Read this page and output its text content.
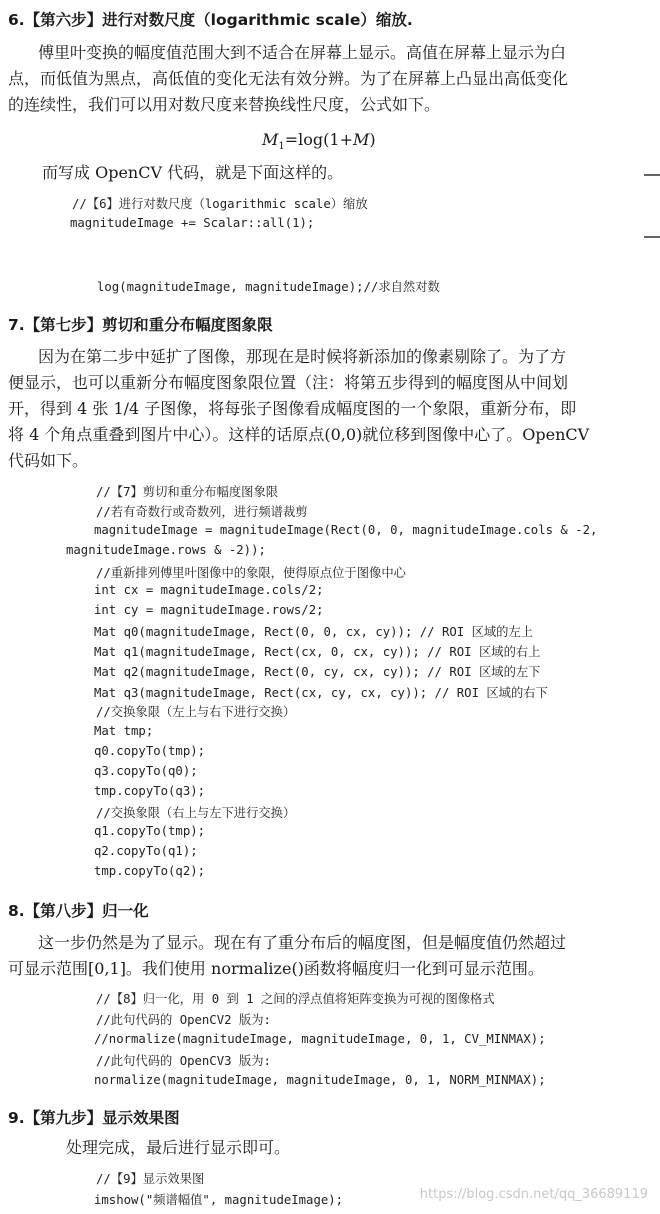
6.【第六步】进行对数尺度（logarithmic scale）缩放.
傅里叶变换的幅度值范围大到不适合在屏幕上显示。高值在屏幕上显示为白
点，而低值为黑点，高低值的变化无法有效分辨。为了在屏幕上凸显出高低变化
的连续性，我们可以用对数尺度来替换线性尺度，公式如下。
$M_1=\log(1+M)$
而写成 OpenCV 代码，就是下面这样的。
//【6】进行对数尺度（logarithmic scale）缩放
magnitudeImage += Scalar::all(1);
log(magnitudeImage, magnitudeImage);//求自然对数
7.【第七步】剪切和重分布幅度图象限
因为在第二步中延扩了图像，那现在是时候将新添加的像素剔除了。为了方
便显示，也可以重新分布幅度图象限位置（注：将第五步得到的幅度图从中间划
开，得到 4 张 1/4 子图像，将每张子图像看成幅度图的一个象限，重新分布，即
将 4 个角点重叠到图片中心）。这样的话原点(0,0)就位移到图像中心了。OpenCV
代码如下。
//【7】剪切和重分布幅度图象限
//若有奇数行或奇数列，进行频谱裁剪
magnitudeImage = magnitudeImage(Rect(0, 0, magnitudeImage.cols & -2,
magnitudeImage.rows & -2));
//重新排列傅里叶图像中的象限，使得原点位于图像中心
int cx = magnitudeImage.cols/2;
int cy = magnitudeImage.rows/2;
Mat q0(magnitudeImage, Rect(0, 0, cx, cy)); // ROI 区域的左上
Mat q1(magnitudeImage, Rect(cx, 0, cx, cy)); // ROI 区域的右上
Mat q2(magnitudeImage, Rect(0, cy, cx, cy)); // ROI 区域的左下
Mat q3(magnitudeImage, Rect(cx, cy, cx, cy)); // ROI 区域的右下
//交换象限（左上与右下进行交换）
Mat tmp;
q0.copyTo(tmp);
q3.copyTo(q0);
tmp.copyTo(q3);
//交换象限（右上与左下进行交换）
q1.copyTo(tmp);
q2.copyTo(q1);
tmp.copyTo(q2);
8.【第八步】归一化
这一步仍然是为了显示。现在有了重分布后的幅度图，但是幅度值仍然超过
可显示范围[0,1]。我们使用 normalize()函数将幅度归一化到可显示范围。
//【8】归一化，用 0 到 1 之间的浮点值将矩阵变换为可视的图像格式
//此句代码的 OpenCV2 版为:
//normalize(magnitudeImage, magnitudeImage, 0, 1, CV_MINMAX);
//此句代码的 OpenCV3 版为:
normalize(magnitudeImage, magnitudeImage, 0, 1, NORM_MINMAX);
9.【第九步】显示效果图
处理完成，最后进行显示即可。
//【9】显示效果图
imshow("频谱幅值", magnitudeImage);	https://blog.csdn.net/qq_36689119
